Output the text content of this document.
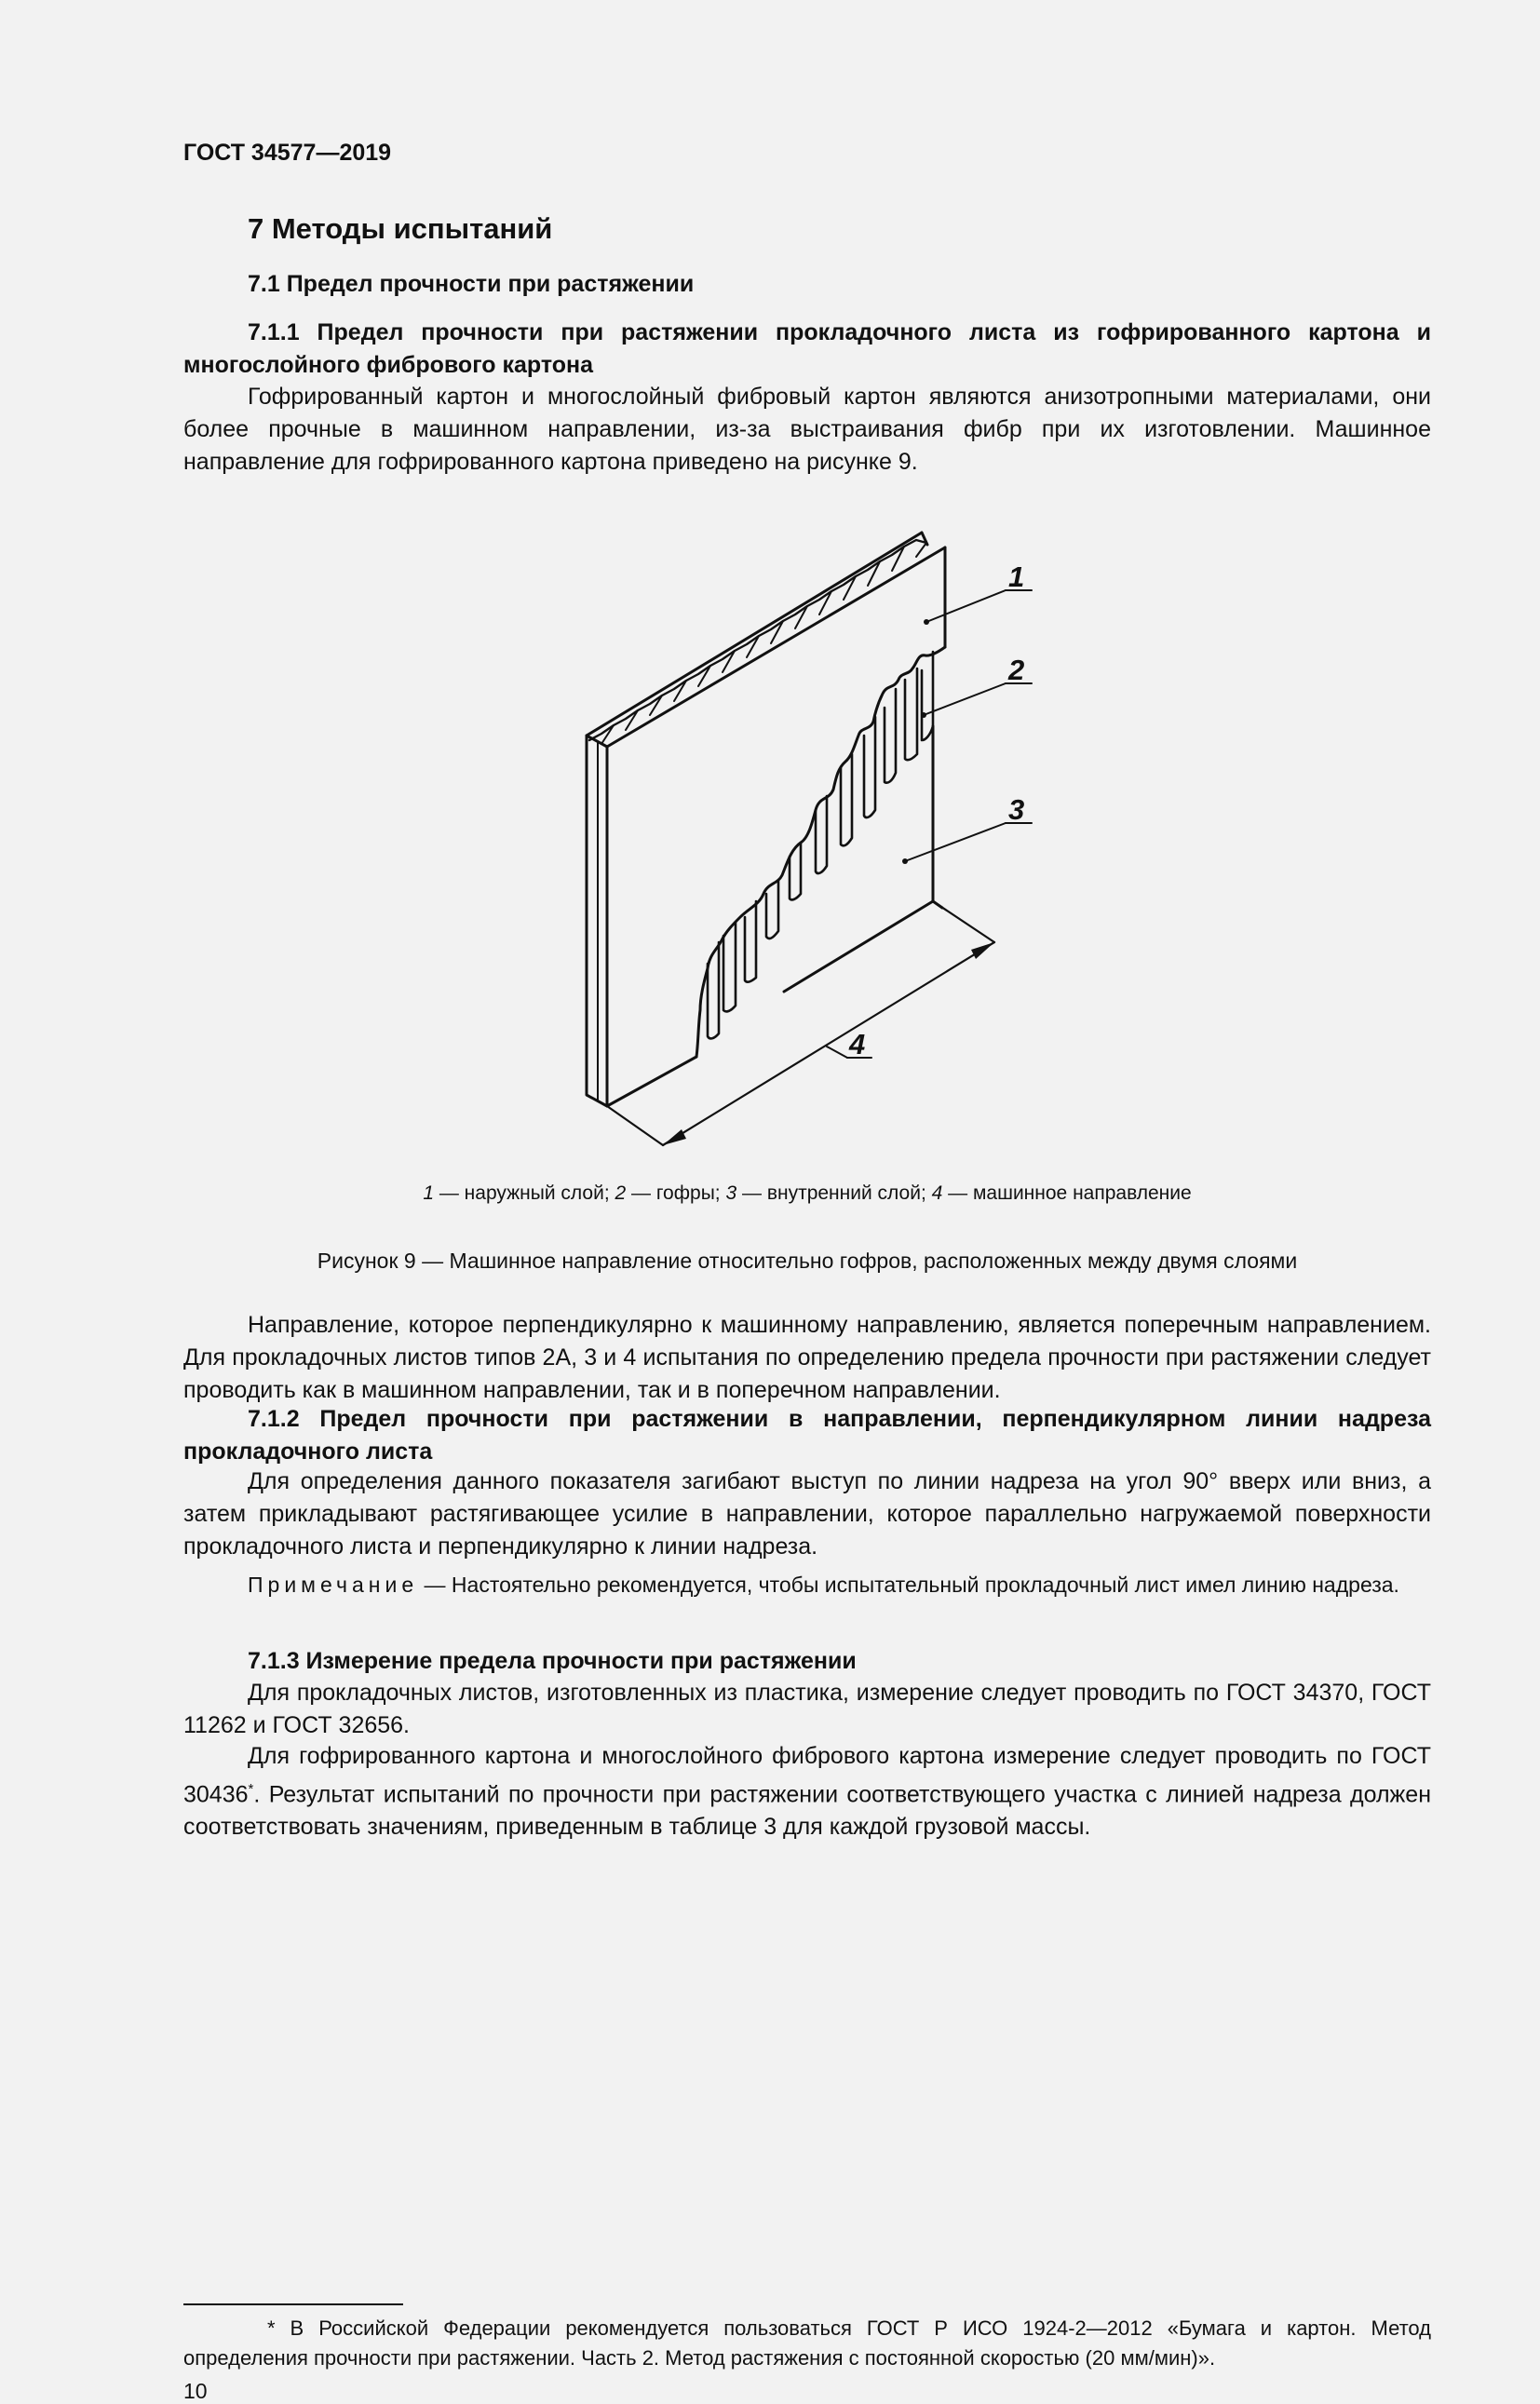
ГОСТ 34577—2019
7 Методы испытаний
7.1 Предел прочности при растяжении
7.1.1 Предел прочности при растяжении прокладочного листа из гофрированного картона и многослойного фибрового картона
Гофрированный картон и многослойный фибровый картон являются анизотропными материалами, они более прочные в машинном направлении, из-за выстраивания фибр при их изготовлении. Машинное направление для гофрированного картона приведено на рисунке 9.
1
2
3
4
1 — наружный слой; 2 — гофры; 3 — внутренний слой; 4 — машинное направление
Рисунок 9 — Машинное направление относительно гофров, расположенных между двумя слоями
Направление, которое перпендикулярно к машинному направлению, является поперечным направлением. Для прокладочных листов типов 2А, 3 и 4 испытания по определению предела прочности при растяжении следует проводить как в машинном направлении, так и в поперечном направлении.
7.1.2 Предел прочности при растяжении в направлении, перпендикулярном линии надреза прокладочного листа
Для определения данного показателя загибают выступ по линии надреза на угол 90° вверх или вниз, а затем прикладывают растягивающее усилие в направлении, которое параллельно нагружаемой поверхности прокладочного листа и перпендикулярно к линии надреза.
Примечание — Настоятельно рекомендуется, чтобы испытательный прокладочный лист имел линию надреза.
7.1.3 Измерение предела прочности при растяжении
Для прокладочных листов, изготовленных из пластика, измерение следует проводить по ГОСТ 34370, ГОСТ 11262 и ГОСТ 32656.
Для гофрированного картона и многослойного фибрового картона измерение следует проводить по ГОСТ 30436*. Результат испытаний по прочности при растяжении соответствующего участка с линией надреза должен соответствовать значениям, приведенным в таблице 3 для каждой грузовой массы.
* В Российской Федерации рекомендуется пользоваться ГОСТ Р ИСО 1924-2—2012 «Бумага и картон. Метод определения прочности при растяжении. Часть 2. Метод растяжения с постоянной скоростью (20 мм/мин)».
10
